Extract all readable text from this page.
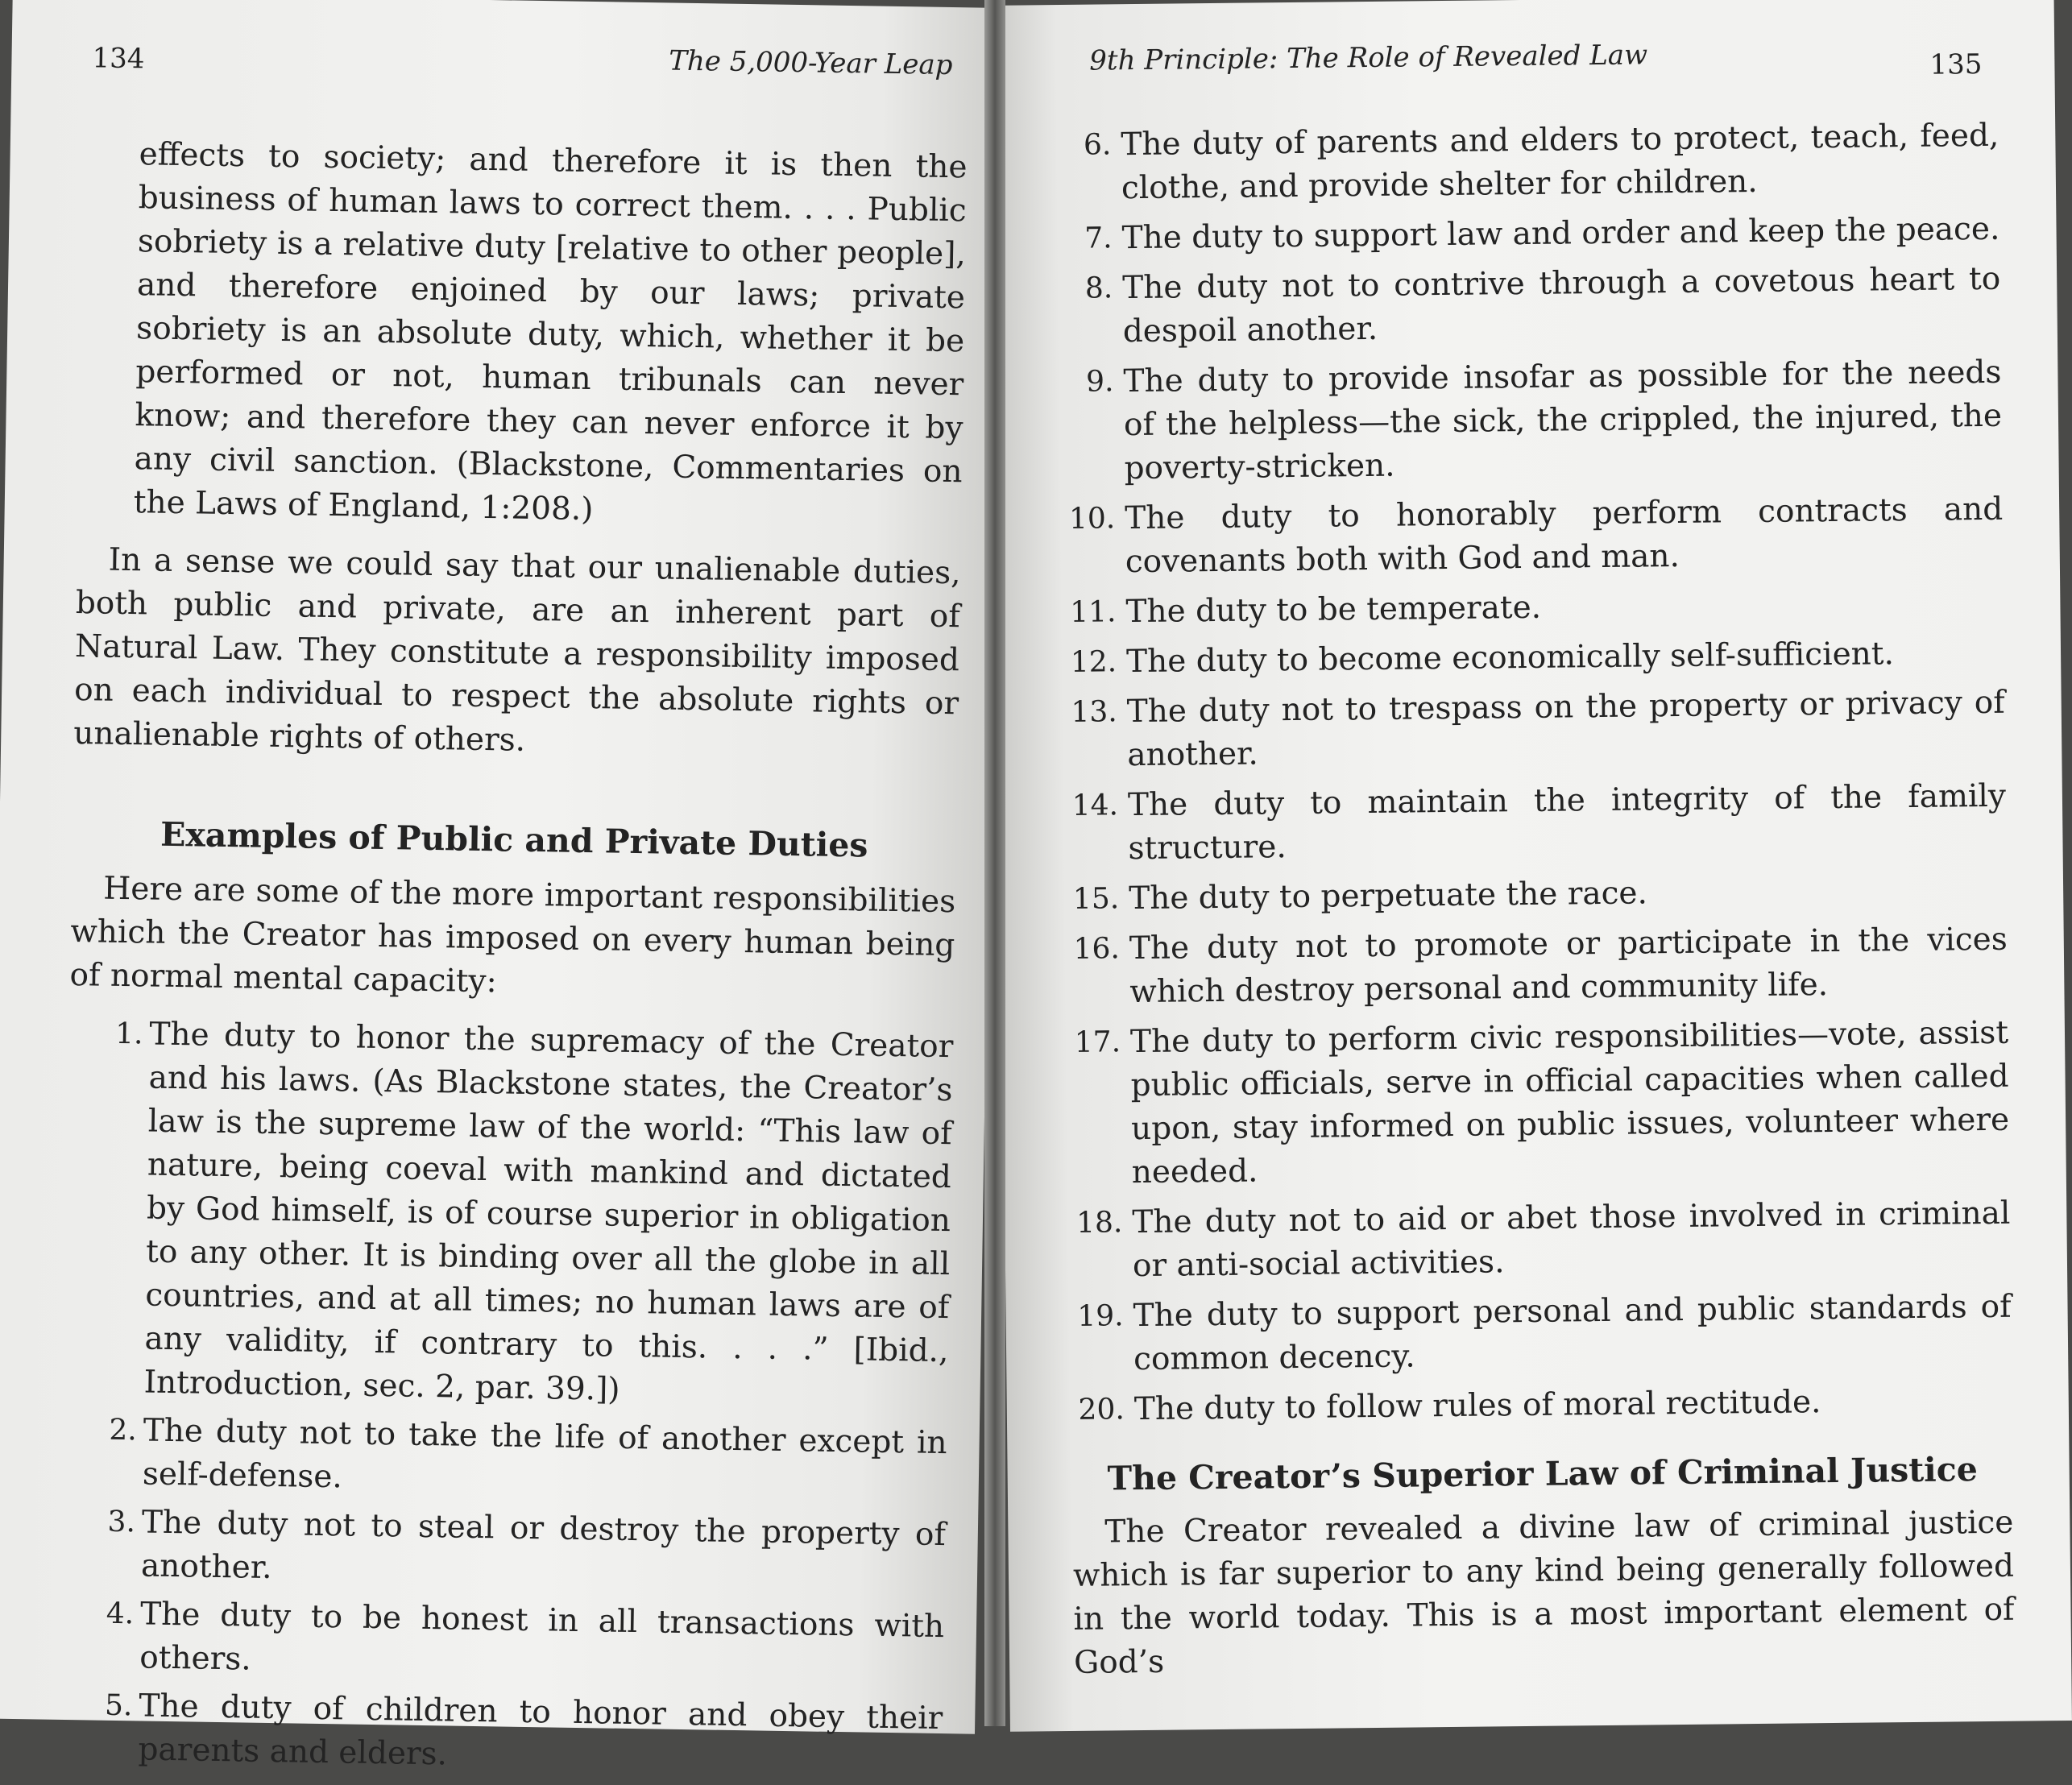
134	The 5,000-Year Leap
effects to society; and therefore it is then the business of human laws to correct them. . . . Public sobriety is a relative duty [relative to other people], and therefore enjoined by our laws; private sobriety is an absolute duty, which, whether it be performed or not, human tribunals can never know; and therefore they can never enforce it by any civil sanction. (Blackstone, Commentaries on the Laws of England, 1:208.)

In a sense we could say that our unalienable duties, both public and private, are an inherent part of Natural Law. They constitute a responsibility imposed on each individual to respect the absolute rights or unalienable rights of others.

Examples of Public and Private Duties

Here are some of the more important responsibilities which the Creator has imposed on every human being of normal mental capacity:

1. The duty to honor the supremacy of the Creator and his laws. (As Blackstone states, the Creator’s law is the supreme law of the world: “This law of nature, being coeval with mankind and dictated by God himself, is of course superior in obligation to any other. It is binding over all the globe in all countries, and at all times; no human laws are of any validity, if contrary to this. . . .” [Ibid., Introduction, sec. 2, par. 39.])
2. The duty not to take the life of another except in self-defense.
3. The duty not to steal or destroy the property of another.
4. The duty to be honest in all transactions with others.
5. The duty of children to honor and obey their parents and elders.
9th Principle: The Role of Revealed Law	135
6. The duty of parents and elders to protect, teach, feed, clothe, and provide shelter for children.
7. The duty to support law and order and keep the peace.
8. The duty not to contrive through a covetous heart to despoil another.
9. The duty to provide insofar as possible for the needs of the helpless—the sick, the crippled, the injured, the poverty-stricken.
10. The duty to honorably perform contracts and covenants both with God and man.
11. The duty to be temperate.
12. The duty to become economically self-sufficient.
13. The duty not to trespass on the property or privacy of another.
14. The duty to maintain the integrity of the family structure.
15. The duty to perpetuate the race.
16. The duty not to promote or participate in the vices which destroy personal and community life.
17. The duty to perform civic responsibilities—vote, assist public officials, serve in official capacities when called upon, stay informed on public issues, volunteer where needed.
18. The duty not to aid or abet those involved in criminal or anti-social activities.
19. The duty to support personal and public standards of common decency.
20. The duty to follow rules of moral rectitude.
The Creator’s Superior Law of Criminal Justice

The Creator revealed a divine law of criminal justice which is far superior to any kind being generally followed in the world today. This is a most important element of God’s
